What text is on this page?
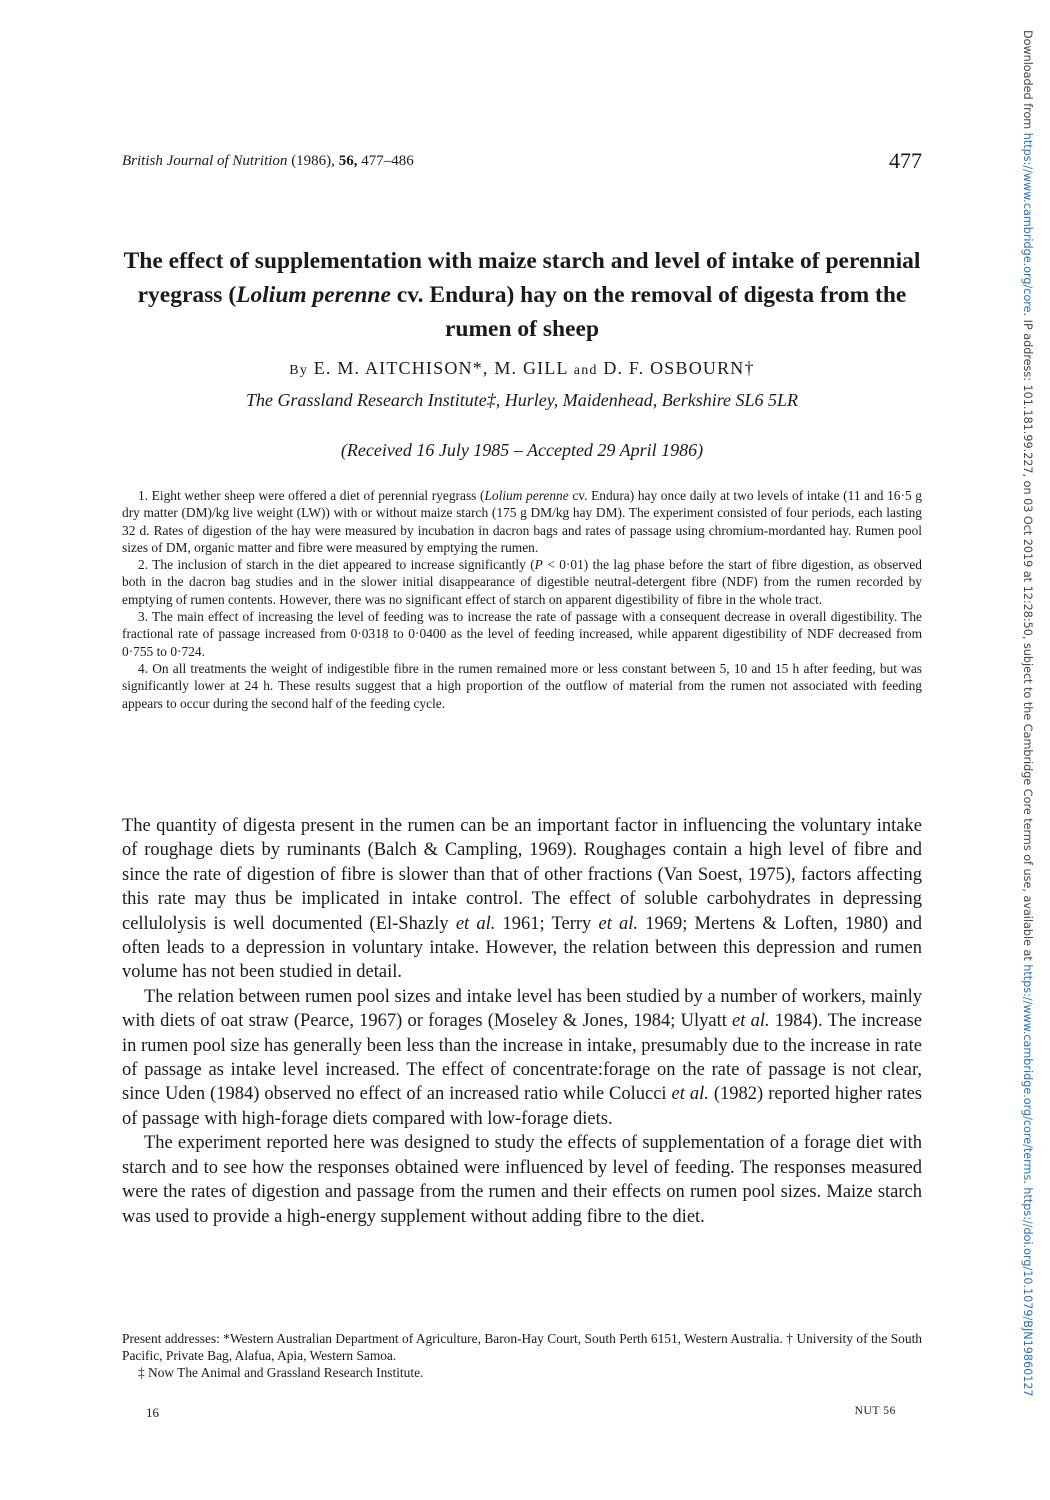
British Journal of Nutrition (1986), 56, 477–486	477
The effect of supplementation with maize starch and level of intake of perennial ryegrass (Lolium perenne cv. Endura) hay on the removal of digesta from the rumen of sheep
By E. M. AITCHISON*, M. GILL and D. F. OSBOURN†
The Grassland Research Institute‡, Hurley, Maidenhead, Berkshire SL6 5LR
(Received 16 July 1985 – Accepted 29 April 1986)

1. Eight wether sheep were offered a diet of perennial ryegrass (Lolium perenne cv. Endura) hay once daily at two levels of intake (11 and 16·5 g dry matter (DM)/kg live weight (LW)) with or without maize starch (175 g DM/kg hay DM). The experiment consisted of four periods, each lasting 32 d. Rates of digestion of the hay were measured by incubation in dacron bags and rates of passage using chromium-mordanted hay. Rumen pool sizes of DM, organic matter and fibre were measured by emptying the rumen.

2. The inclusion of starch in the diet appeared to increase significantly (P < 0·01) the lag phase before the start of fibre digestion, as observed both in the dacron bag studies and in the slower initial disappearance of digestible neutral-detergent fibre (NDF) from the rumen recorded by emptying of rumen contents. However, there was no significant effect of starch on apparent digestibility of fibre in the whole tract.

3. The main effect of increasing the level of feeding was to increase the rate of passage with a consequent decrease in overall digestibility. The fractional rate of passage increased from 0·0318 to 0·0400 as the level of feeding increased, while apparent digestibility of NDF decreased from 0·755 to 0·724.

4. On all treatments the weight of indigestible fibre in the rumen remained more or less constant between 5, 10 and 15 h after feeding, but was significantly lower at 24 h. These results suggest that a high proportion of the outflow of material from the rumen not associated with feeding appears to occur during the second half of the feeding cycle.

The quantity of digesta present in the rumen can be an important factor in influencing the voluntary intake of roughage diets by ruminants (Balch & Campling, 1969). Roughages contain a high level of fibre and since the rate of digestion of fibre is slower than that of other fractions (Van Soest, 1975), factors affecting this rate may thus be implicated in intake control. The effect of soluble carbohydrates in depressing cellulolysis is well documented (El-Shazly et al. 1961; Terry et al. 1969; Mertens & Loften, 1980) and often leads to a depression in voluntary intake. However, the relation between this depression and rumen volume has not been studied in detail.

The relation between rumen pool sizes and intake level has been studied by a number of workers, mainly with diets of oat straw (Pearce, 1967) or forages (Moseley & Jones, 1984; Ulyatt et al. 1984). The increase in rumen pool size has generally been less than the increase in intake, presumably due to the increase in rate of passage as intake level increased. The effect of concentrate:forage on the rate of passage is not clear, since Uden (1984) observed no effect of an increased ratio while Colucci et al. (1982) reported higher rates of passage with high-forage diets compared with low-forage diets.

The experiment reported here was designed to study the effects of supplementation of a forage diet with starch and to see how the responses obtained were influenced by level of feeding. The responses measured were the rates of digestion and passage from the rumen and their effects on rumen pool sizes. Maize starch was used to provide a high-energy supplement without adding fibre to the diet.

Present addresses: *Western Australian Department of Agriculture, Baron-Hay Court, South Perth 6151, Western Australia. † University of the South Pacific, Private Bag, Alafua, Apia, Western Samoa.

‡ Now The Animal and Grassland Research Institute.

16	NUT 56
Downloaded from https://www.cambridge.org/core. IP address: 101.181.99.227, on 03 Oct 2019 at 12:28:50, subject to the Cambridge Core terms of use, available at https://www.cambridge.org/core/terms. https://doi.org/10.1079/BJN19860127
